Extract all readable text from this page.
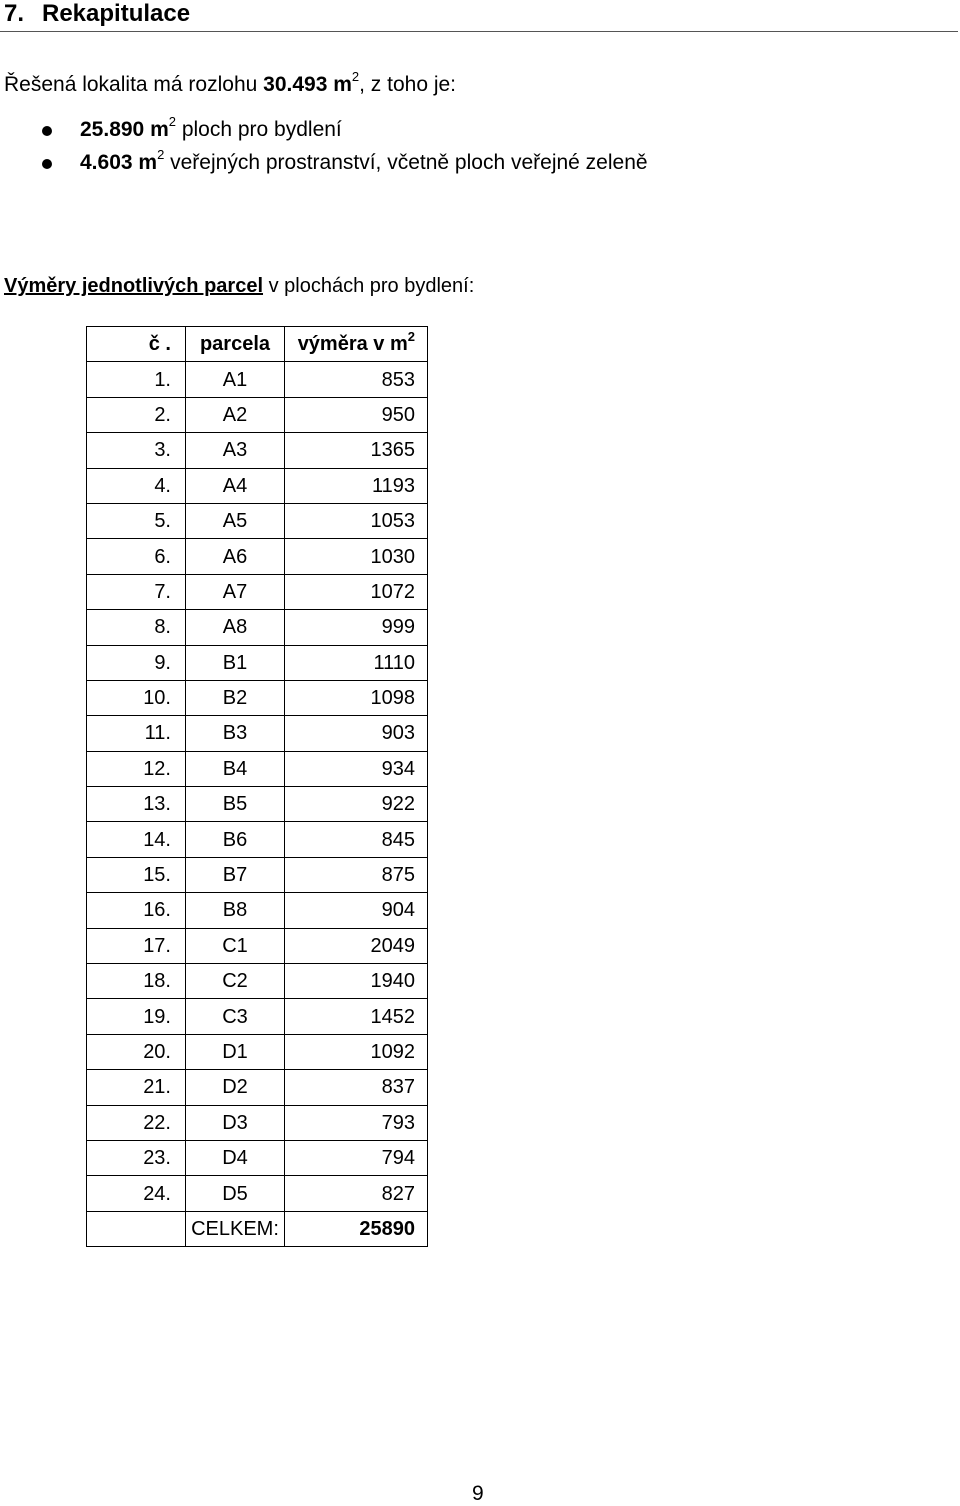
7. Rekapitulace
Řešená lokalita má rozlohu 30.493 $m^2$, z toho je:
25.890 $m^2$ ploch pro bydlení
4.603 $m^2$ veřejných prostranství, včetně ploch veřejné zeleně
Výměry jednotlivých parcel v plochách pro bydlení:
č .	parcela	výměra v $m^2$
1.	A1	853
2.	A2	950
3.	A3	1365
4.	A4	1193
5.	A5	1053
6.	A6	1030
7.	A7	1072
8.	A8	999
9.	B1	1110
10.	B2	1098
11.	B3	903
12.	B4	934
13.	B5	922
14.	B6	845
15.	B7	875
16.	B8	904
17.	C1	2049
18.	C2	1940
19.	C3	1452
20.	D1	1092
21.	D2	837
22.	D3	793
23.	D4	794
24.	D5	827
	CELKEM:	25890
9
